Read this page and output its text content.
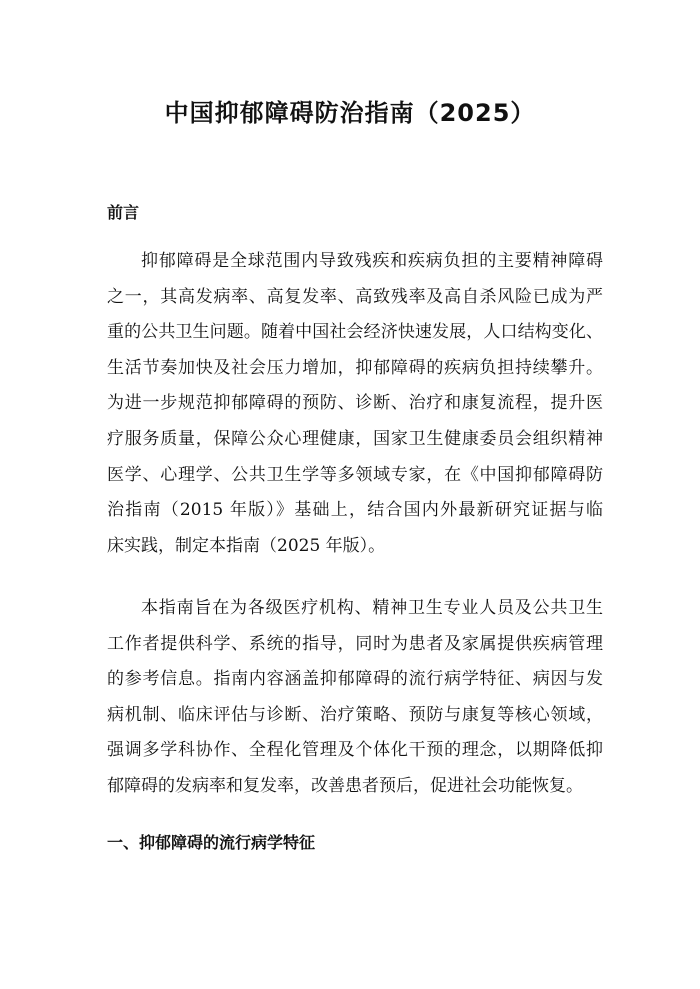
中国抑郁障碍防治指南（2025）
前言

抑郁障碍是全球范围内导致残疾和疾病负担的主要精神障碍
之一，其高发病率、高复发率、高致残率及高自杀风险已成为严
重的公共卫生问题。随着中国社会经济快速发展，人口结构变化、
生活节奏加快及社会压力增加，抑郁障碍的疾病负担持续攀升。
为进一步规范抑郁障碍的预防、诊断、治疗和康复流程，提升医
疗服务质量，保障公众心理健康，国家卫生健康委员会组织精神
医学、心理学、公共卫生学等多领域专家，在《中国抑郁障碍防
治指南（2015 年版）》基础上，结合国内外最新研究证据与临
床实践，制定本指南（2025 年版）。

本指南旨在为各级医疗机构、精神卫生专业人员及公共卫生
工作者提供科学、系统的指导，同时为患者及家属提供疾病管理
的参考信息。指南内容涵盖抑郁障碍的流行病学特征、病因与发
病机制、临床评估与诊断、治疗策略、预防与康复等核心领域，
强调多学科协作、全程化管理及个体化干预的理念，以期降低抑
郁障碍的发病率和复发率，改善患者预后，促进社会功能恢复。

一、抑郁障碍的流行病学特征
